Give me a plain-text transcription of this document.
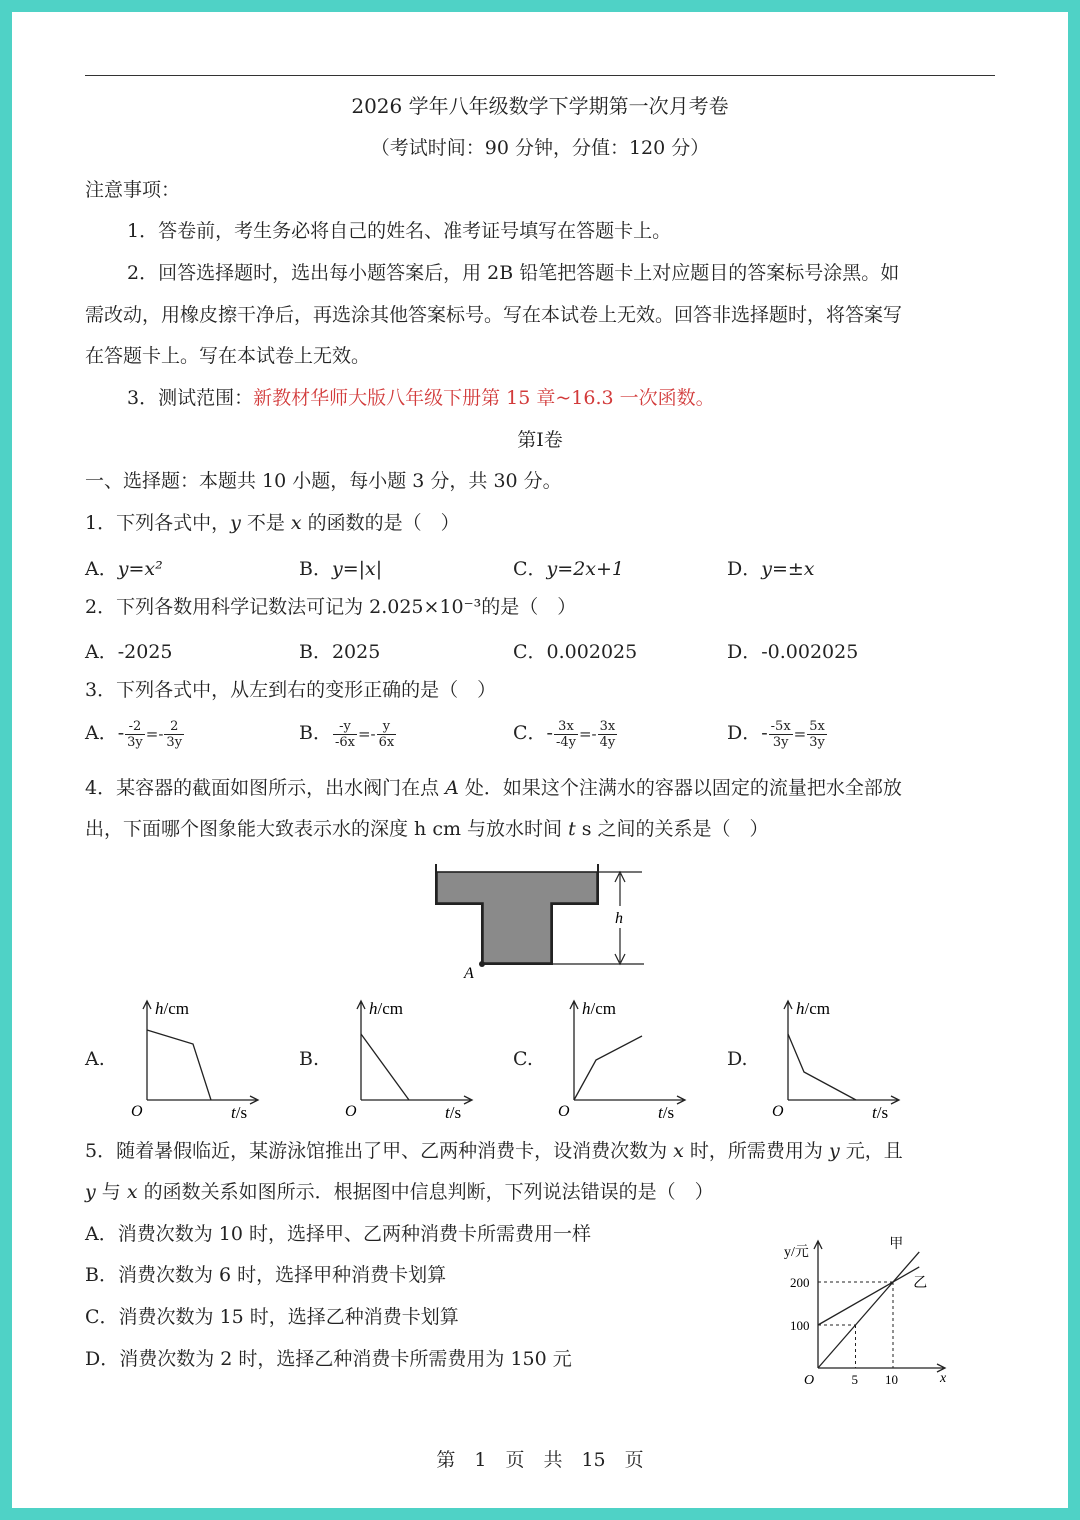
2026 学年八年级数学下学期第一次月考卷
（考试时间：90 分钟，分值：120 分）
注意事项：
1．答卷前，考生务必将自己的姓名、准考证号填写在答题卡上。
2．回答选择题时，选出每小题答案后，用 2B 铅笔把答题卡上对应题目的答案标号涂黑。如
需改动，用橡皮擦干净后，再选涂其他答案标号。写在本试卷上无效。回答非选择题时，将答案写
在答题卡上。写在本试卷上无效。
3．测试范围：新教材华师大版八年级下册第 15 章~16.3 一次函数。
第Ⅰ卷
一、选择题：本题共 10 小题，每小题 3 分，共 30 分。
1．下列各式中，y 不是 x 的函数的是（　）
A．y=x²	B．y=|x|	C．y=2x+1	D．y=±x
2．下列各数用科学记数法可记为 2.025×10⁻³的是（　）
A．-2025	B．2025	C．0.002025	D．-0.002025
3．下列各式中，从左到右的变形正确的是（　）
A．- $\frac{-2}{3y} =- \frac{2}{3y}$	B． $\frac{-y}{-6x} =- \frac{y}{6x}$	C．- $\frac{3x}{-4y} =- \frac{3x}{4y}$	D．- $\frac{-5x}{3y} = \frac{5x}{3y}$
4．某容器的截面如图所示，出水阀门在点 A 处．如果这个注满水的容器以固定的流量把水全部放
出，下面哪个图象能大致表示水的深度 h cm 与放水时间 t s 之间的关系是（　）
h
A
A.
h/cm
O	t/s
B.
h/cm
O	t/s
C.
h/cm
O	t/s
D.
h/cm
O	t/s
5．随着暑假临近，某游泳馆推出了甲、乙两种消费卡，设消费次数为 x 时，所需费用为 y 元，且
y 与 x 的函数关系如图所示．根据图中信息判断，下列说法错误的是（　）
A．消费次数为 10 时，选择甲、乙两种消费卡所需费用一样
B．消费次数为 6 时，选择甲种消费卡划算
C．消费次数为 15 时，选择乙种消费卡划算
D．消费次数为 2 时，选择乙种消费卡所需费用为 150 元
甲
乙
5 10
100
200
y/元
x
O
第　1　页　共　15　页
